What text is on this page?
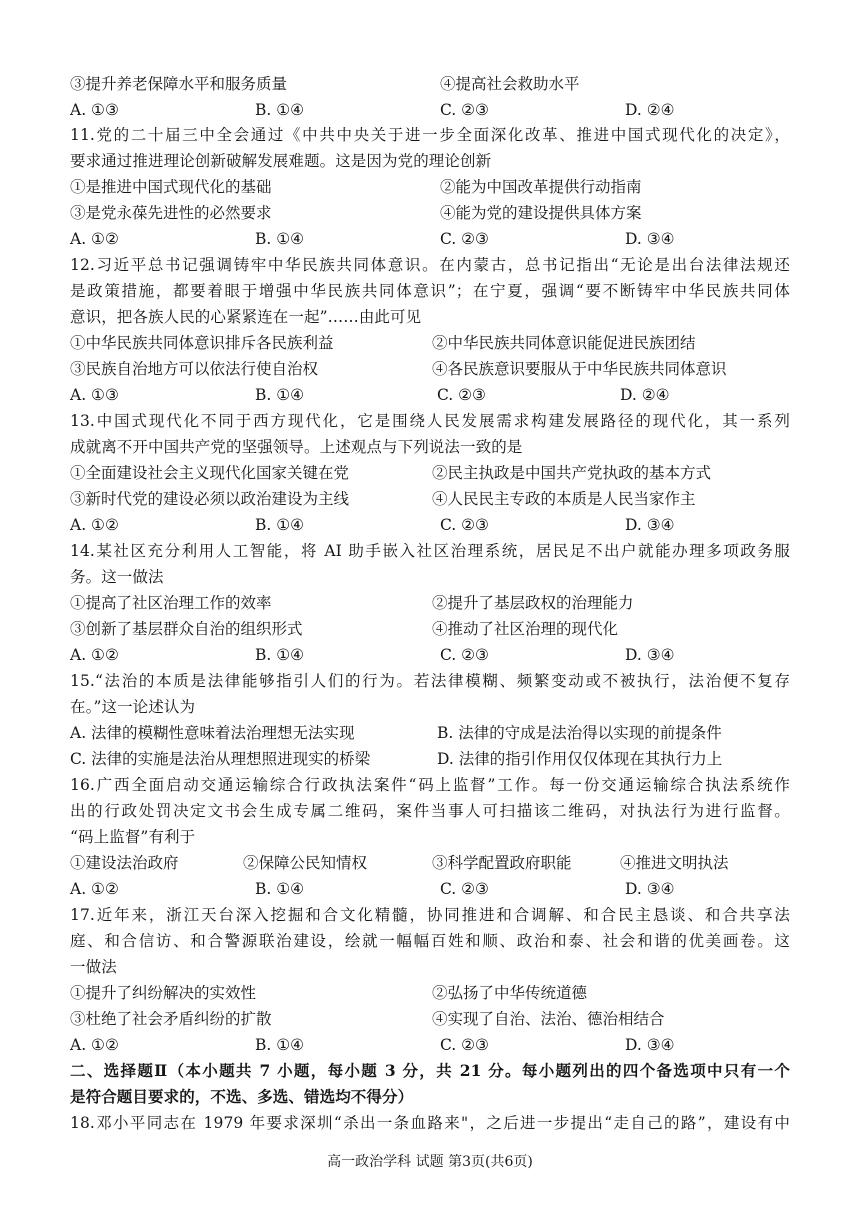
③提升养老保障水平和服务质量	④提高社会救助水平
A. ①③	B. ①④	C. ②③	D. ②④
11.党的二十届三中全会通过《中共中央关于进一步全面深化改革、推进中国式现代化的决定》，
要求通过推进理论创新破解发展难题。这是因为党的理论创新
①是推进中国式现代化的基础	②能为中国改革提供行动指南
③是党永葆先进性的必然要求	④能为党的建设提供具体方案
A. ①②	B. ①④	C. ②③	D. ③④
12.习近平总书记强调铸牢中华民族共同体意识。在内蒙古，总书记指出“无论是出台法律法规还
是政策措施，都要着眼于增强中华民族共同体意识”；在宁夏，强调“要不断铸牢中华民族共同体
意识，把各族人民的心紧紧连在一起”……由此可见
①中华民族共同体意识排斥各民族利益	②中华民族共同体意识能促进民族团结
③民族自治地方可以依法行使自治权	④各民族意识要服从于中华民族共同体意识
A. ①③	B. ①④	C. ②③	D. ②④
13.中国式现代化不同于西方现代化，它是围绕人民发展需求构建发展路径的现代化，其一系列
成就离不开中国共产党的坚强领导。上述观点与下列说法一致的是
①全面建设社会主义现代化国家关键在党	②民主执政是中国共产党执政的基本方式
③新时代党的建设必须以政治建设为主线	④人民民主专政的本质是人民当家作主
A. ①②	B. ①④	C. ②③	D. ③④
14.某社区充分利用人工智能，将 AI 助手嵌入社区治理系统，居民足不出户就能办理多项政务服
务。这一做法
①提高了社区治理工作的效率	②提升了基层政权的治理能力
③创新了基层群众自治的组织形式	④推动了社区治理的现代化
A. ①②	B. ①④	C. ②③	D. ③④
15.“法治的本质是法律能够指引人们的行为。若法律模糊、频繁变动或不被执行，法治便不复存
在。”这一论述认为
A. 法律的模糊性意味着法治理想无法实现	B. 法律的守成是法治得以实现的前提条件
C. 法律的实施是法治从理想照进现实的桥梁	D. 法律的指引作用仅仅体现在其执行力上
16.广西全面启动交通运输综合行政执法案件“码上监督”工作。每一份交通运输综合执法系统作
出的行政处罚决定文书会生成专属二维码，案件当事人可扫描该二维码，对执法行为进行监督。
“码上监督”有利于
①建设法治政府	②保障公民知情权	③科学配置政府职能	④推进文明执法
A. ①②	B. ①④	C. ②③	D. ③④
17.近年来，浙江天台深入挖掘和合文化精髓，协同推进和合调解、和合民主恳谈、和合共享法
庭、和合信访、和合警源联治建设，绘就一幅幅百姓和顺、政治和泰、社会和谐的优美画卷。这
一做法
①提升了纠纷解决的实效性	②弘扬了中华传统道德
③杜绝了社会矛盾纠纷的扩散	④实现了自治、法治、德治相结合
A. ①②	B. ①④	C. ②③	D. ③④
二、选择题Ⅱ（本小题共 7 小题，每小题 3 分，共 21 分。每小题列出的四个备选项中只有一个
是符合题目要求的，不选、多选、错选均不得分）
18.邓小平同志在 1979 年要求深圳“杀出一条血路来"，之后进一步提出“走自己的路”，建设有中
高一政治学科 试题 第3页(共6页)
